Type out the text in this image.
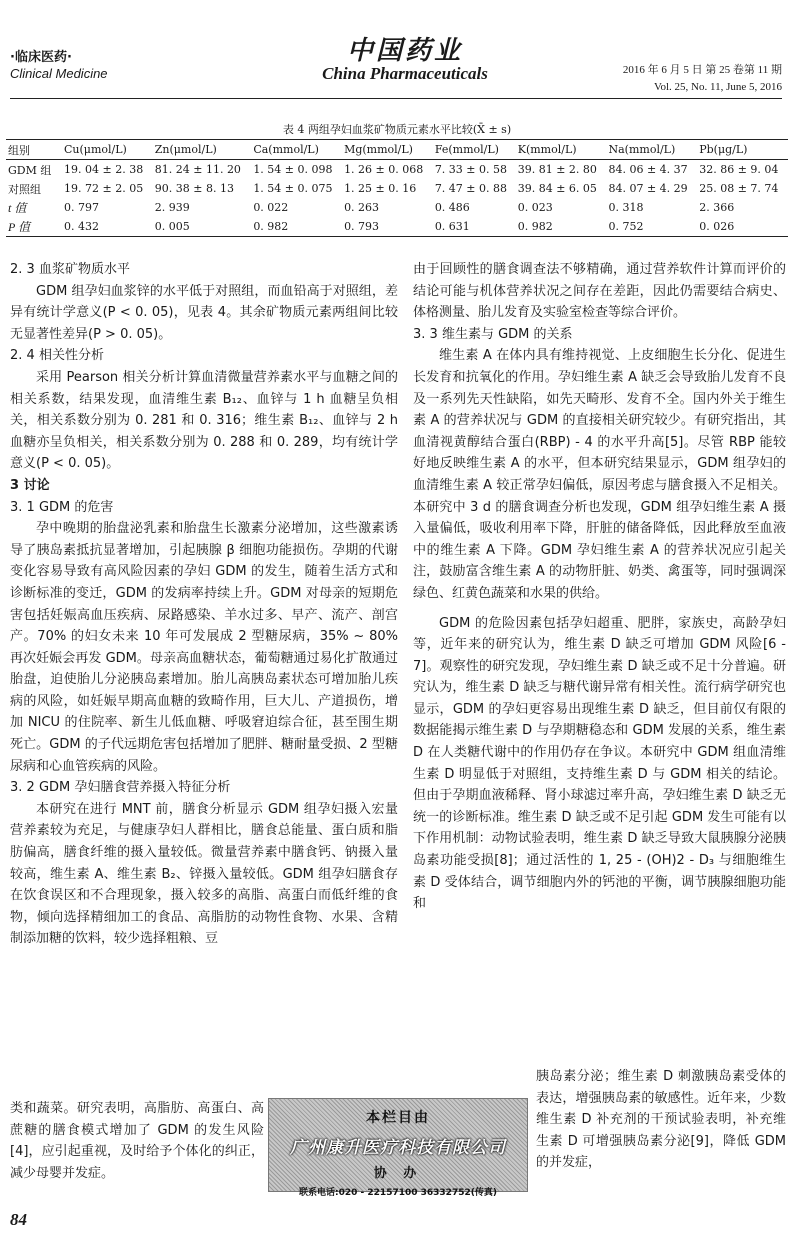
·临床医药·
Clinical Medicine
中国药业
China Pharmaceuticals	2016 年 6 月 5 日 第 25 卷第 11 期
Vol. 25, No. 11, June 5, 2016
表 4 两组孕妇血浆矿物质元素水平比较(X̄ ± s)
组别	Cu(μmol/L)	Zn(μmol/L)	Ca(mmol/L)	Mg(mmol/L)	Fe(mmol/L)	K(mmol/L)	Na(mmol/L)	Pb(μg/L)
GDM 组	19. 04 ± 2. 38	81. 24 ± 11. 20	1. 54 ± 0. 098	1. 26 ± 0. 068	7. 33 ± 0. 58	39. 81 ± 2. 80	84. 06 ± 4. 37	32. 86 ± 9. 04
对照组	19. 72 ± 2. 05	90. 38 ± 8. 13	1. 54 ± 0. 075	1. 25 ± 0. 16	7. 47 ± 0. 88	39. 84 ± 6. 05	84. 07 ± 4. 29	25. 08 ± 7. 74
t 值	0. 797	2. 939	0. 022	0. 263	0. 486	0. 023	0. 318	2. 366
P 值	0. 432	0. 005	0. 982	0. 793	0. 631	0. 982	0. 752	0. 026
2. 3 血浆矿物质水平

GDM 组孕妇血浆锌的水平低于对照组，而血铅高于对照组，差异有统计学意义(P < 0. 05)，见表 4。其余矿物质元素两组间比较无显著性差异(P > 0. 05)。

2. 4 相关性分析

采用 Pearson 相关分析计算血清微量营养素水平与血糖之间的相关系数，结果发现，血清维生素 B₁₂、血锌与 1 h 血糖呈负相关，相关系数分别为 0. 281 和 0. 316；维生素 B₁₂、血锌与 2 h 血糖亦呈负相关，相关系数分别为 0. 288 和 0. 289，均有统计学意义(P < 0. 05)。

3 讨论
3. 1 GDM 的危害

孕中晚期的胎盘泌乳素和胎盘生长激素分泌增加，这些激素诱导了胰岛素抵抗显著增加，引起胰腺 β 细胞功能损伤。孕期的代谢变化容易导致有高风险因素的孕妇 GDM 的发生，随着生活方式和诊断标准的变迁，GDM 的发病率持续上升。GDM 对母亲的短期危害包括妊娠高血压疾病、尿路感染、羊水过多、早产、流产、剖宫产。70% 的妇女未来 10 年可发展成 2 型糖尿病，35% ~ 80% 再次妊娠会再发 GDM。母亲高血糖状态，葡萄糖通过易化扩散通过胎盘，迫使胎儿分泌胰岛素增加。胎儿高胰岛素状态可增加胎儿疾病的风险，如妊娠早期高血糖的致畸作用，巨大儿、产道损伤，增加 NICU 的住院率、新生儿低血糖、呼吸窘迫综合征，甚至围生期死亡。GDM 的子代远期危害包括增加了肥胖、糖耐量受损、2 型糖尿病和心血管疾病的风险。

3. 2 GDM 孕妇膳食营养摄入特征分析

本研究在进行 MNT 前，膳食分析显示 GDM 组孕妇摄入宏量营养素较为充足，与健康孕妇人群相比，膳食总能量、蛋白质和脂肪偏高，膳食纤维的摄入量较低。微量营养素中膳食钙、钠摄入量较高，维生素 A、维生素 B₂、锌摄入量较低。GDM 组孕妇膳食存在饮食误区和不合理现象，摄入较多的高脂、高蛋白而低纤维的食物，倾向选择精细加工的食品、高脂肪的动物性食物、水果、含精制添加糖的饮料，较少选择粗粮、豆

类和蔬菜。研究表明，高脂肪、高蛋白、高蔗糖的膳食模式增加了 GDM 的发生风险[4]，应引起重视，及时给予个体化的纠正，减少母婴并发症。

本栏目由
广州康升医疗科技有限公司
协 办
联系电话:020 - 22157100 36332752(传真)

由于回顾性的膳食调查法不够精确，通过营养软件计算而评价的结论可能与机体营养状况之间存在差距，因此仍需要结合病史、体格测量、胎儿发育及实验室检查等综合评价。

3. 3 维生素与 GDM 的关系

维生素 A 在体内具有维持视觉、上皮细胞生长分化、促进生长发育和抗氧化的作用。孕妇维生素 A 缺乏会导致胎儿发育不良及一系列先天性缺陷，如先天畸形、发育不全。国内外关于维生素 A 的营养状况与 GDM 的直接相关研究较少。有研究指出，其血清视黄醇结合蛋白(RBP) - 4 的水平升高[5]。尽管 RBP 能较好地反映维生素 A 的水平，但本研究结果显示，GDM 组孕妇的血清维生素 A 较正常孕妇偏低，原因考虑与膳食摄入不足相关。本研究中 3 d 的膳食调查分析也发现，GDM 组孕妇维生素 A 摄入量偏低，吸收利用率下降，肝脏的储备降低，因此释放至血液中的维生素 A 下降。GDM 孕妇维生素 A 的营养状况应引起关注，鼓励富含维生素 A 的动物肝脏、奶类、禽蛋等，同时强调深绿色、红黄色蔬菜和水果的供给。

GDM 的危险因素包括孕妇超重、肥胖，家族史，高龄孕妇等，近年来的研究认为，维生素 D 缺乏可增加 GDM 风险[6 - 7]。观察性的研究发现，孕妇维生素 D 缺乏或不足十分普遍。研究认为，维生素 D 缺乏与糖代谢异常有相关性。流行病学研究也显示，GDM 的孕妇更容易出现维生素 D 缺乏，但目前仅有限的数据能揭示维生素 D 与孕期糖稳态和 GDM 发展的关系，维生素 D 在人类糖代谢中的作用仍存在争议。本研究中 GDM 组血清维生素 D 明显低于对照组，支持维生素 D 与 GDM 相关的结论。但由于孕期血液稀释、肾小球滤过率升高，孕妇维生素 D 缺乏无统一的诊断标准。维生素 D 缺乏或不足引起 GDM 发生可能有以下作用机制：动物试验表明，维生素 D 缺乏导致大鼠胰腺分泌胰岛素功能受损[8]；通过活性的 1, 25 - (OH)2 - D₃ 与细胞维生素 D 受体结合，调节细胞内外的钙池的平衡，调节胰腺细胞功能和

胰岛素分泌；维生素 D 刺激胰岛素受体的表达，增强胰岛素的敏感性。近年来，少数维生素 D 补充剂的干预试验表明，补充维生素 D 可增强胰岛素分泌[9]，降低 GDM 的并发症，

84
